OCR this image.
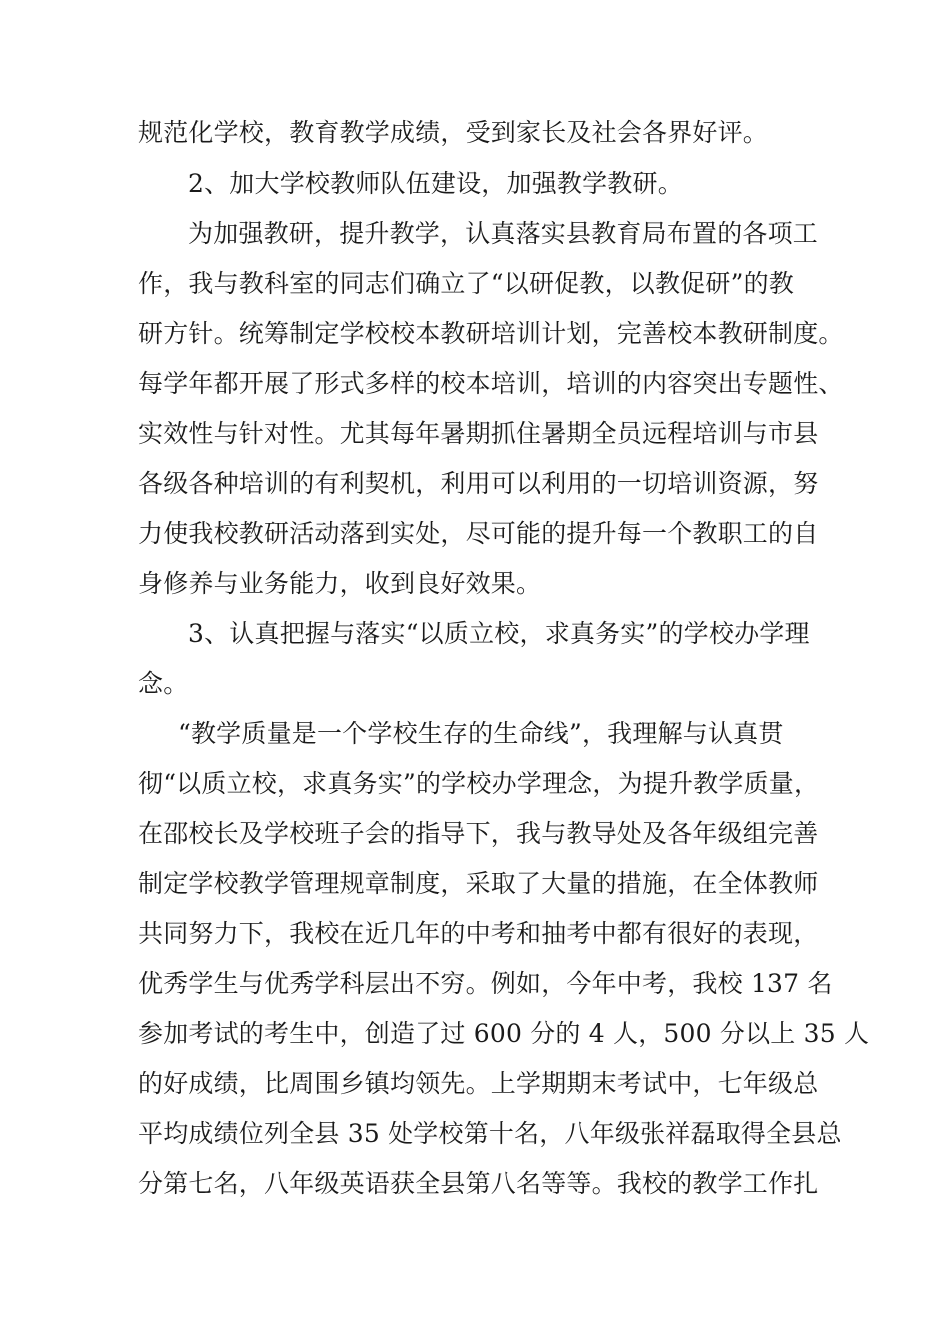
规范化学校，教育教学成绩，受到家长及社会各界好评。
2、加大学校教师队伍建设，加强教学教研。
为加强教研，提升教学，认真落实县教育局布置的各项工
作，我与教科室的同志们确立了“以研促教，以教促研”的教
研方针。统筹制定学校校本教研培训计划，完善校本教研制度。
每学年都开展了形式多样的校本培训，培训的内容突出专题性、
实效性与针对性。尤其每年暑期抓住暑期全员远程培训与市县
各级各种培训的有利契机，利用可以利用的一切培训资源，努
力使我校教研活动落到实处，尽可能的提升每一个教职工的自
身修养与业务能力，收到良好效果。
3、认真把握与落实“以质立校，求真务实”的学校办学理
念。
“教学质量是一个学校生存的生命线”，我理解与认真贯
彻“以质立校，求真务实”的学校办学理念，为提升教学质量，
在邵校长及学校班子会的指导下，我与教导处及各年级组完善
制定学校教学管理规章制度，采取了大量的措施，在全体教师
共同努力下，我校在近几年的中考和抽考中都有很好的表现，
优秀学生与优秀学科层出不穷。例如，今年中考，我校 137 名
参加考试的考生中，创造了过 600 分的 4 人，500 分以上 35 人
的好成绩，比周围乡镇均领先。上学期期末考试中，七年级总
平均成绩位列全县 35 处学校第十名，八年级张祥磊取得全县总
分第七名，八年级英语获全县第八名等等。我校的教学工作扎
